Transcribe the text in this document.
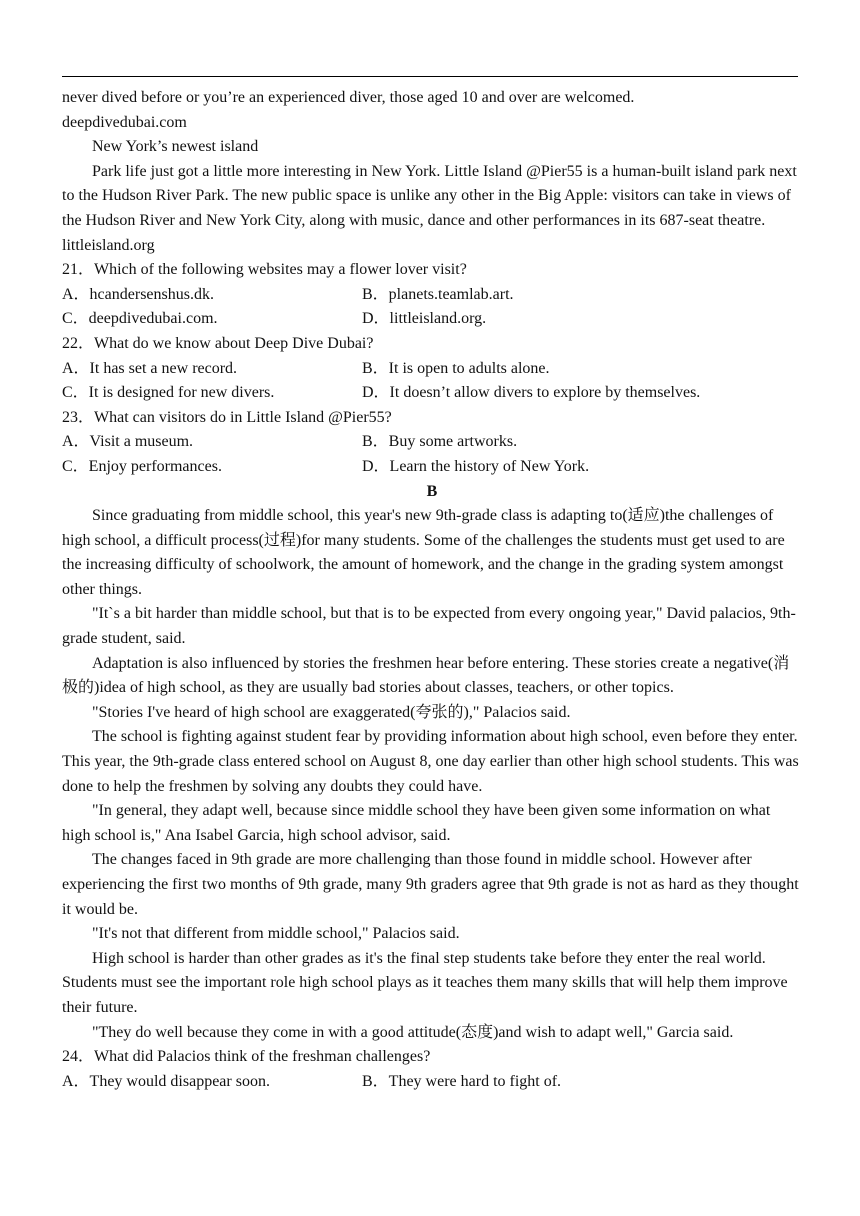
never dived before or you’re an experienced diver, those aged 10 and over are welcomed.
deepdivedubai.com
New York’s newest island
Park life just got a little more interesting in New York. Little Island @Pier55 is a human-built island park next to the Hudson River Park. The new public space is unlike any other in the Big Apple: visitors can take in views of the Hudson River and New York City, along with music, dance and other performances in its 687-seat theatre. littleisland.org
21．Which of the following websites may a flower lover visit?
A．hcandersenshus.dk.	B．planets.teamlab.art.
C．deepdivedubai.com.	D．littleisland.org.
22．What do we know about Deep Dive Dubai?
A．It has set a new record.	B．It is open to adults alone.
C．It is designed for new divers.	D．It doesn’t allow divers to explore by themselves.
23．What can visitors do in Little Island @Pier55?
A．Visit a museum.	B．Buy some artworks.
C．Enjoy performances.	D．Learn the history of New York.
B
Since graduating from middle school, this year's new 9th-grade class is adapting to(适应)the challenges of high school, a difficult process(过程)for many students. Some of the challenges the students must get used to are the increasing difficulty of schoolwork, the amount of homework, and the change in the grading system amongst other things.
"It`s a bit harder than middle school, but that is to be expected from every ongoing year," David palacios, 9th-grade student, said.
Adaptation is also influenced by stories the freshmen hear before entering. These stories create a negative(消极的)idea of high school, as they are usually bad stories about classes, teachers, or other topics.
"Stories I've heard of high school are exaggerated(夸张的)," Palacios said.
The school is fighting against student fear by providing information about high school, even before they enter. This year, the 9th-grade class entered school on August 8, one day earlier than other high school students. This was done to help the freshmen by solving any doubts they could have.
"In general, they adapt well, because since middle school they have been given some information on what high school is," Ana Isabel Garcia, high school advisor, said.
The changes faced in 9th grade are more challenging than those found in middle school. However after experiencing the first two months of 9th grade, many 9th graders agree that 9th grade is not as hard as they thought it would be.
"It's not that different from middle school," Palacios said.
High school is harder than other grades as it's the final step students take before they enter the real world. Students must see the important role high school plays as it teaches them many skills that will help them improve their future.
"They do well because they come in with a good attitude(态度)and wish to adapt well," Garcia said.
24．What did Palacios think of the freshman challenges?
A．They would disappear soon.	B．They were hard to fight of.
